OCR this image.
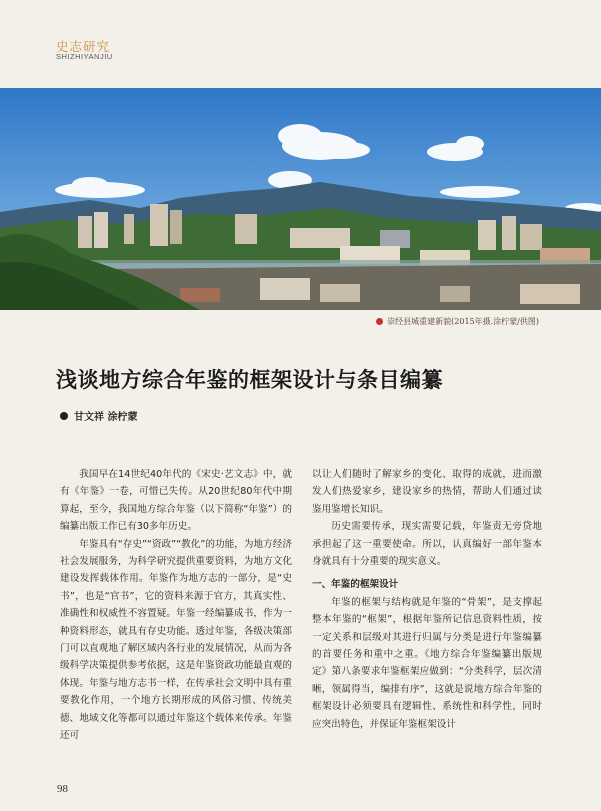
史志研究
SHIZHIYANJIU
崇经县城重建新貌(2015年摄.涂柠蒙/供图)
浅谈地方综合年鉴的框架设计与条目编纂
甘文祥 涂柠蒙

我国早在14世纪40年代的《宋史·艺文志》中，就有《年鉴》一卷，可惜已失传。从20世纪80年代中期算起，至今，我国地方综合年鉴（以下简称“年鉴”）的编纂出版工作已有30多年历史。

年鉴具有“存史”“资政”“教化”的功能，为地方经济社会发展服务，为科学研究提供重要资料，为地方文化建设发挥载体作用。年鉴作为地方志的一部分，是“史书”，也是“官书”，它的资料来源于官方，其真实性、准确性和权威性不容置疑。年鉴一经编纂成书，作为一种资料形态，就具有存史功能。透过年鉴，各级决策部门可以直观地了解区域内各行业的发展情况，从而为各级科学决策提供参考依据，这是年鉴资政功能最直观的体现。年鉴与地方志书一样，在传承社会文明中具有重要教化作用，一个地方长期形成的风俗习惯、传统美德、地域文化等都可以通过年鉴这个载体来传承。年鉴还可

以让人们随时了解家乡的变化、取得的成就，进而激发人们热爱家乡，建设家乡的热情，帮助人们通过读鉴用鉴增长知识。

历史需要传承，现实需要记载，年鉴责无旁贷地承担起了这一重要使命。所以，认真编好一部年鉴本身就具有十分重要的现实意义。

一、年鉴的框架设计

年鉴的框架与结构就是年鉴的“骨架”，是支撑起整本年鉴的“框架”，根据年鉴所记信息资料性质，按一定关系和层级对其进行归属与分类是进行年鉴编纂的首要任务和重中之重。《地方综合年鉴编纂出版规定》第八条要求年鉴框架应做到：“分类科学，层次清晰，领属得当，编排有序”，这就是说地方综合年鉴的框架设计必须要具有逻辑性、系统性和科学性，同时应突出特色，并保证年鉴框架设计

98
